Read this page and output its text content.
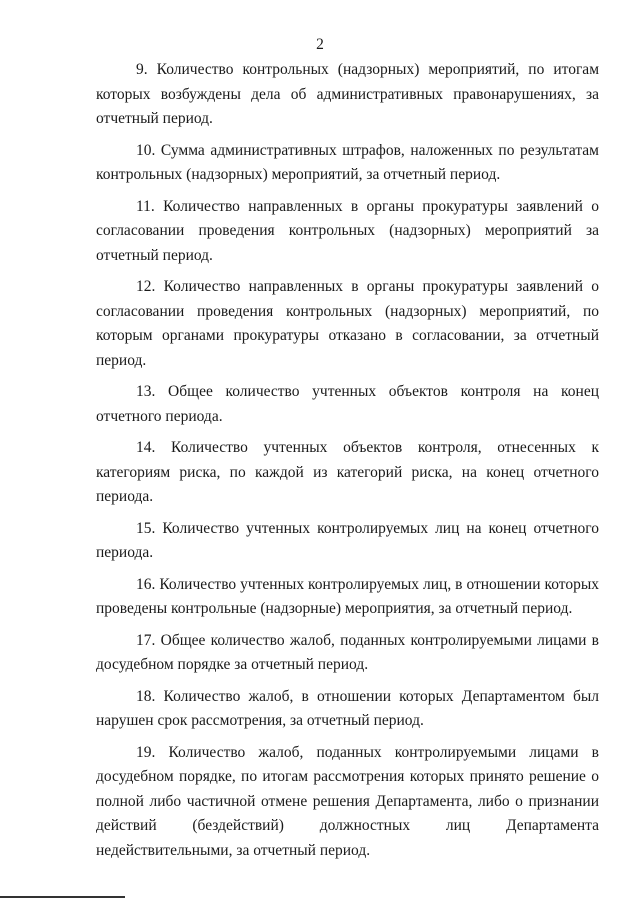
2

9. Количество контрольных (надзорных) мероприятий, по итогам которых возбуждены дела об административных правонарушениях, за отчетный период.

10. Сумма административных штрафов, наложенных по результатам контрольных (надзорных) мероприятий, за отчетный период.

11. Количество направленных в органы прокуратуры заявлений о согласовании проведения контрольных (надзорных) мероприятий за отчетный период.

12. Количество направленных в органы прокуратуры заявлений о согласовании проведения контрольных (надзорных) мероприятий, по которым органами прокуратуры отказано в согласовании, за отчетный период.

13. Общее количество учтенных объектов контроля на конец отчетного периода.

14. Количество учтенных объектов контроля, отнесенных к категориям риска, по каждой из категорий риска, на конец отчетного периода.

15. Количество учтенных контролируемых лиц на конец отчетного периода.

16. Количество учтенных контролируемых лиц, в отношении которых проведены контрольные (надзорные) мероприятия, за отчетный период.

17. Общее количество жалоб, поданных контролируемыми лицами в досудебном порядке за отчетный период.

18. Количество жалоб, в отношении которых Департаментом был нарушен срок рассмотрения, за отчетный период.

19. Количество жалоб, поданных контролируемыми лицами в досудебном порядке, по итогам рассмотрения которых принято решение о полной либо частичной отмене решения Департамента, либо о признании действий (бездействий) должностных лиц Департамента недействительными, за отчетный период.
